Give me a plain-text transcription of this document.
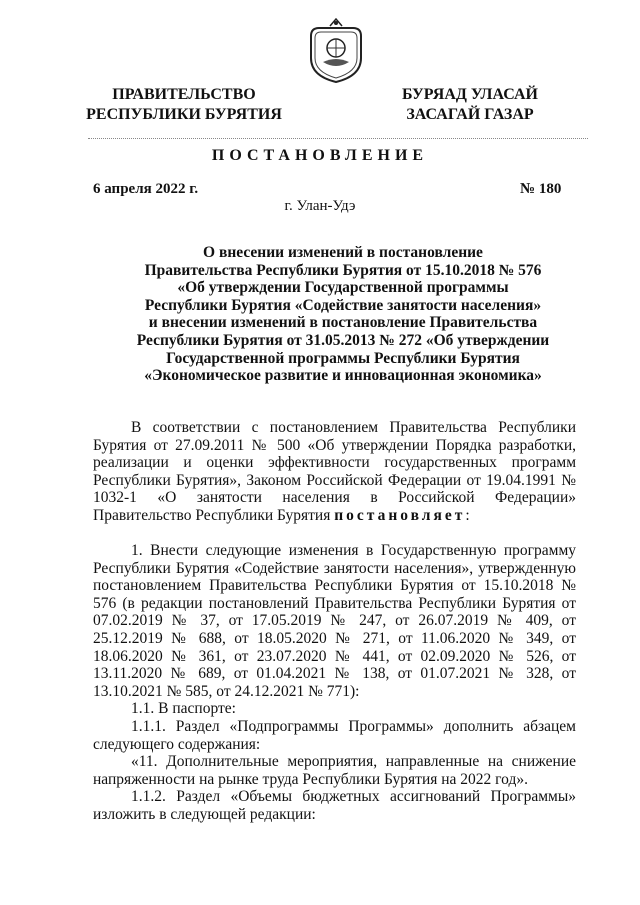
ПРАВИТЕЛЬСТВО
РЕСПУБЛИКИ БУРЯТИЯ
БУРЯАД УЛАСАЙ
ЗАСАГАЙ ГАЗАР
ПОСТАНОВЛЕНИЕ
6 апреля 2022 г.	№ 180
г. Улан-Удэ
О внесении изменений в постановление
Правительства Республики Бурятия от 15.10.2018 № 576
«Об утверждении Государственной программы
Республики Бурятия «Содействие занятости населения»
и внесении изменений в постановление Правительства
Республики Бурятия от 31.05.2013 № 272 «Об утверждении
Государственной программы Республики Бурятия
«Экономическое развитие и инновационная экономика»

В соответствии с постановлением Правительства Республики Бурятия от 27.09.2011 № 500 «Об утверждении Порядка разработки, реализации и оценки эффективности государственных программ Республики Бурятия», Законом Российской Федерации от 19.04.1991 № 1032-1 «О занятости населения в Российской Федерации» Правительство Республики Бурятия постановляет:

1. Внести следующие изменения в Государственную программу Республики Бурятия «Содействие занятости населения», утвержденную постановлением Правительства Республики Бурятия от 15.10.2018 № 576 (в редакции постановлений Правительства Республики Бурятия от 07.02.2019 № 37, от 17.05.2019 № 247, от 26.07.2019 № 409, от 25.12.2019 № 688, от 18.05.2020 № 271, от 11.06.2020 № 349, от 18.06.2020 № 361, от 23.07.2020 № 441, от 02.09.2020 № 526, от 13.11.2020 № 689, от 01.04.2021 № 138, от 01.07.2021 № 328, от 13.10.2021 № 585, от 24.12.2021 № 771):

1.1. В паспорте:

1.1.1. Раздел «Подпрограммы Программы» дополнить абзацем следующего содержания:

«11. Дополнительные мероприятия, направленные на снижение напряженности на рынке труда Республики Бурятия на 2022 год».

1.1.2. Раздел «Объемы бюджетных ассигнований Программы» изложить в следующей редакции:
